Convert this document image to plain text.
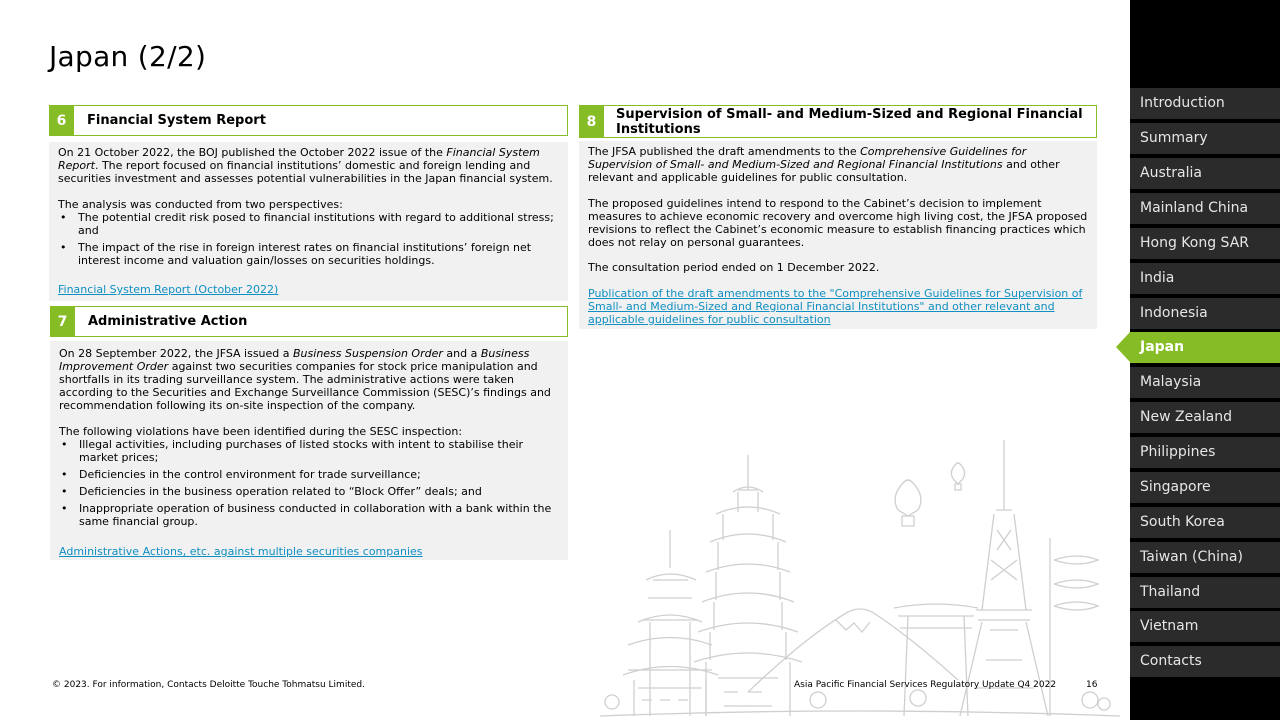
Japan (2/2)
6	Financial System Report

On 21 October 2022, the BOJ published the October 2022 issue of the Financial System Report. The report focused on financial institutions’ domestic and foreign lending and securities investment and assesses potential vulnerabilities in the Japan financial system.

The analysis was conducted from two perspectives:

• The potential credit risk posed to financial institutions with regard to additional stress; and
• The impact of the rise in foreign interest rates on financial institutions’ foreign net interest income and valuation gain/losses on securities holdings.

Financial System Report (October 2022)

7	Administrative Action

On 28 September 2022, the JFSA issued a Business Suspension Order and a Business Improvement Order against two securities companies for stock price manipulation and shortfalls in its trading surveillance system. The administrative actions were taken according to the Securities and Exchange Surveillance Commission (SESC)’s findings and recommendation following its on-site inspection of the company.

The following violations have been identified during the SESC inspection:

• Illegal activities, including purchases of listed stocks with intent to stabilise their market prices;
• Deficiencies in the control environment for trade surveillance;
• Deficiencies in the business operation related to “Block Offer” deals; and
• Inappropriate operation of business conducted in collaboration with a bank within the same financial group.

Administrative Actions, etc. against multiple securities companies

8	Supervision of Small- and Medium-Sized and Regional Financial Institutions

The JFSA published the draft amendments to the Comprehensive Guidelines for Supervision of Small- and Medium-Sized and Regional Financial Institutions and other relevant and applicable guidelines for public consultation.

The proposed guidelines intend to respond to the Cabinet’s decision to implement measures to achieve economic recovery and overcome high living cost, the JFSA proposed revisions to reflect the Cabinet’s economic measure to establish financing practices which does not relay on personal guarantees.

The consultation period ended on 1 December 2022.

Publication of the draft amendments to the "Comprehensive Guidelines for Supervision of Small- and Medium-Sized and Regional Financial Institutions" and other relevant and applicable guidelines for public consultation

© 2023. For information, Contacts Deloitte Touche Tohmatsu Limited.	Asia Pacific Financial Services Regulatory Update Q4 2022	16
Introduction
Summary
Australia
Mainland China
Hong Kong SAR
India
Indonesia
Japan
Malaysia
New Zealand
Philippines
Singapore
South Korea
Taiwan (China)
Thailand
Vietnam
Contacts
